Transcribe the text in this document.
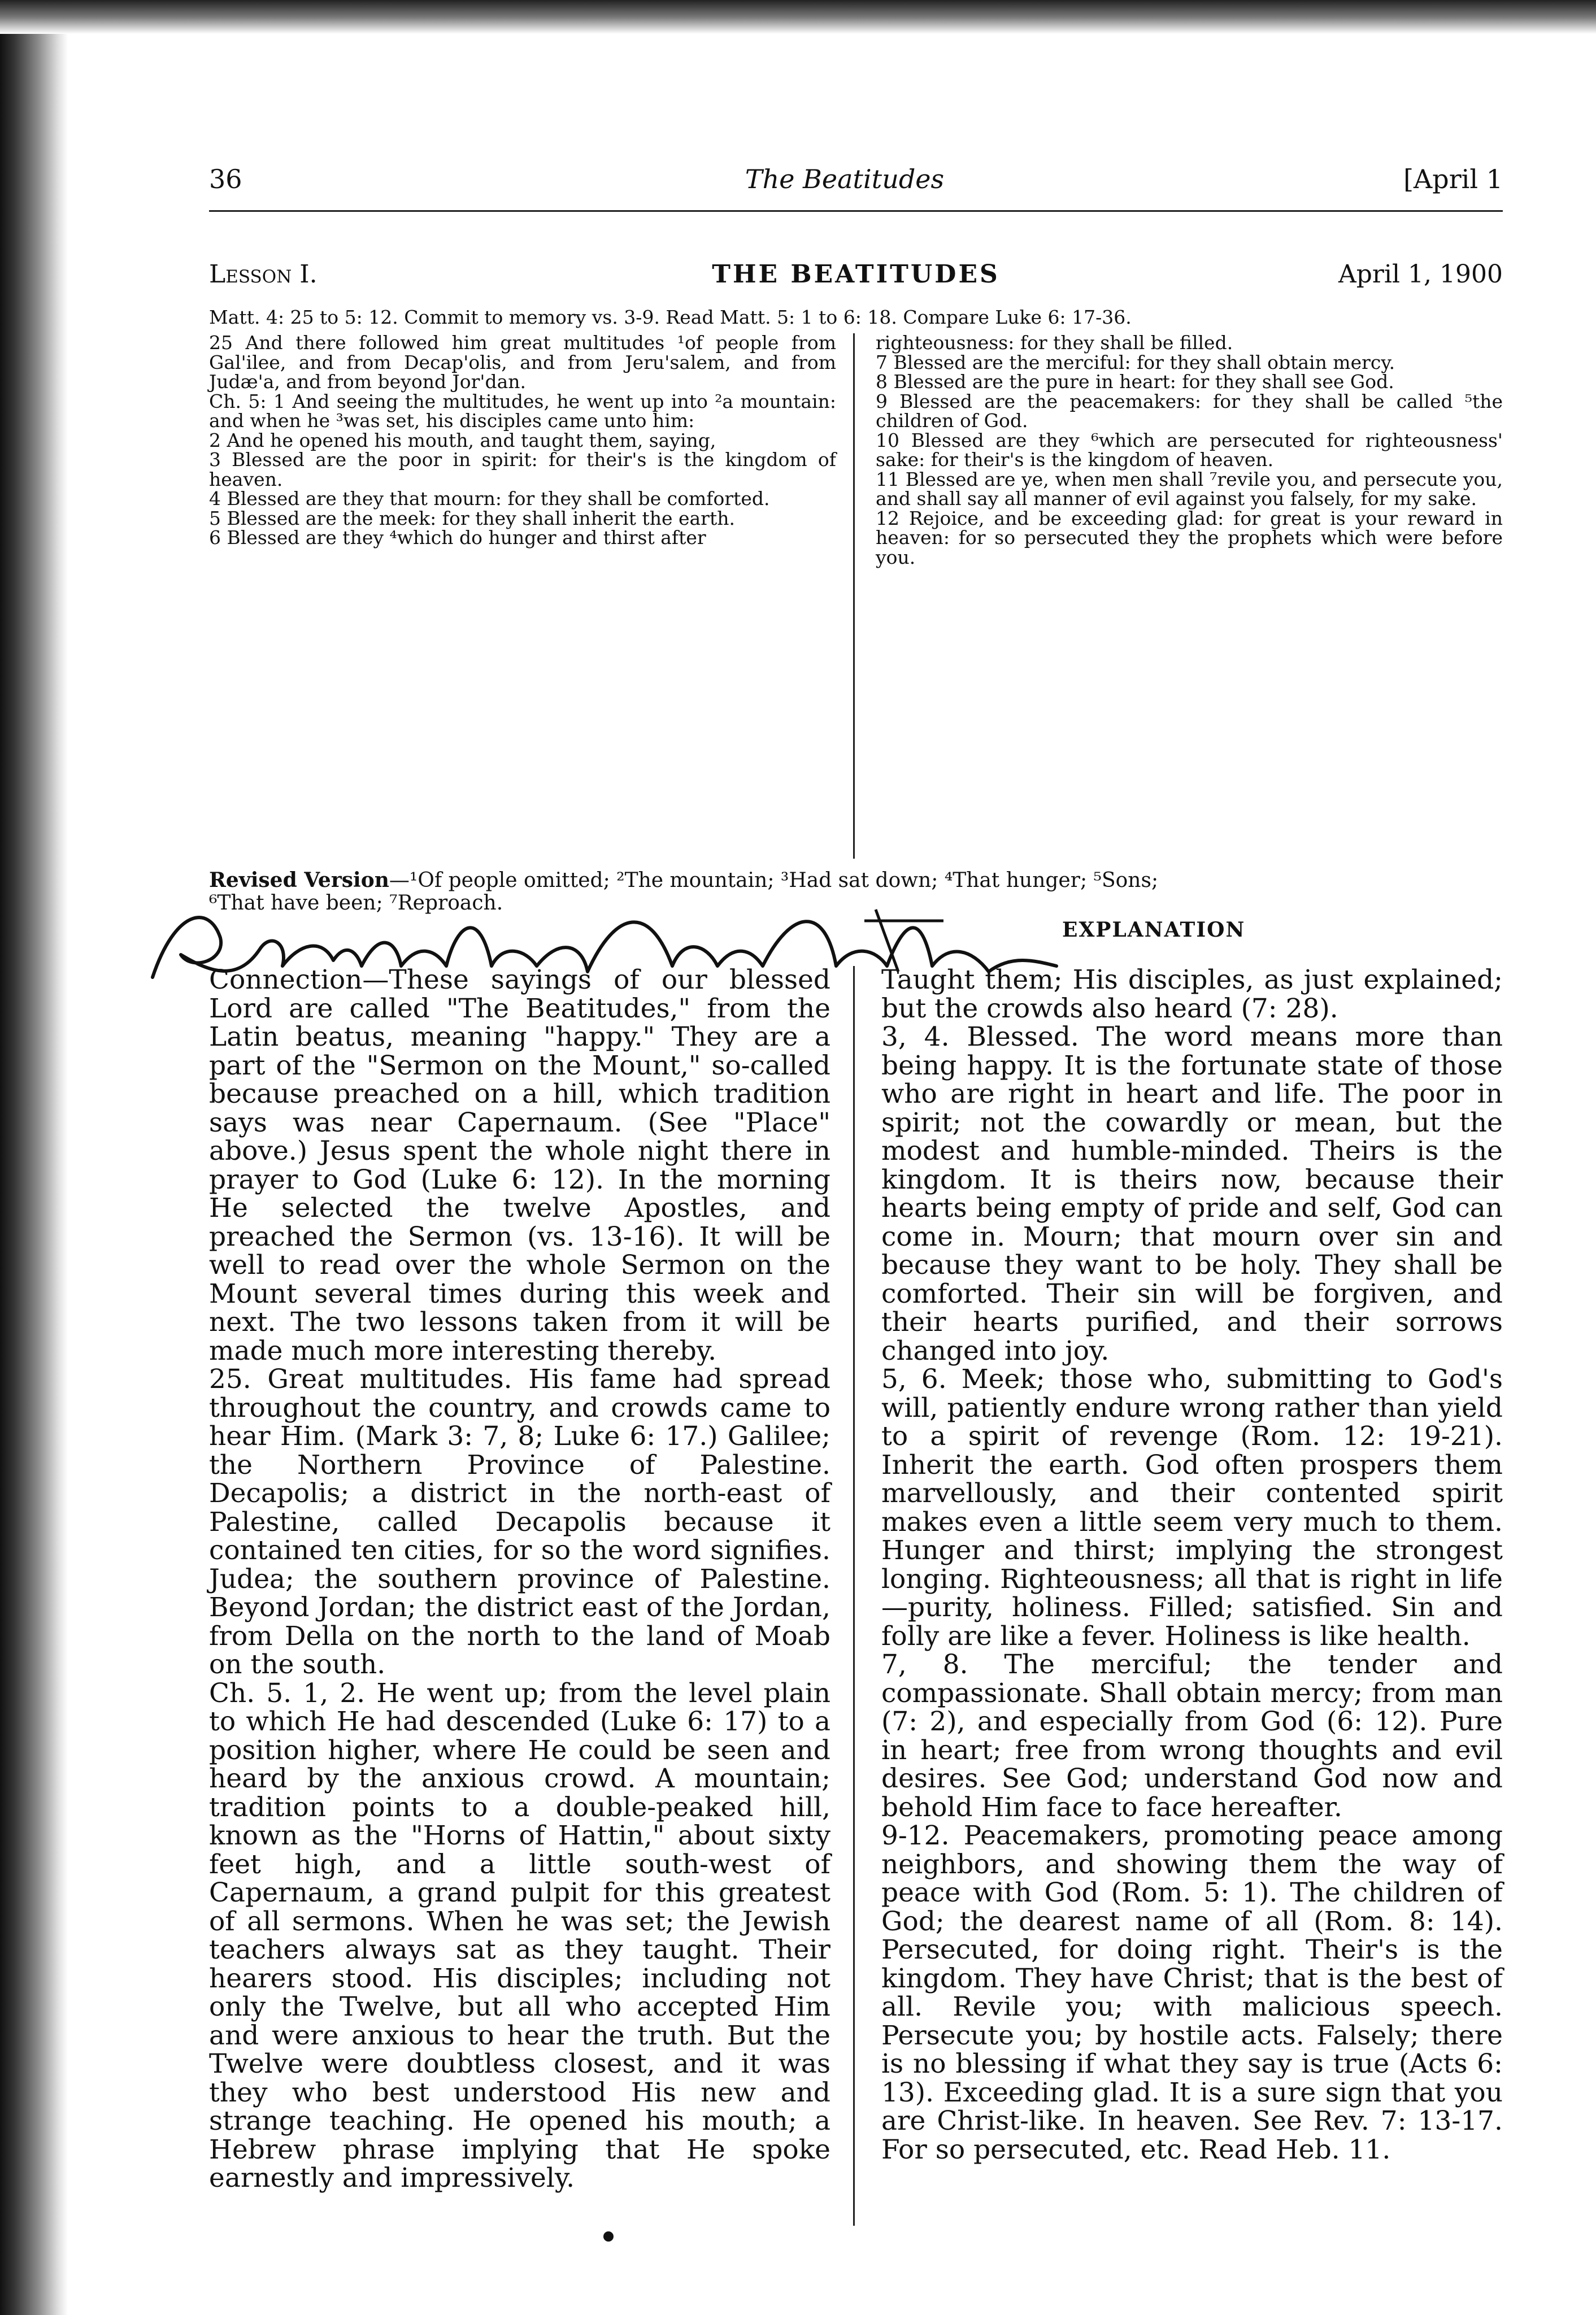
36	The Beatitudes	[April 1
Lesson I.	THE BEATITUDES	April 1, 1900
Matt. 4: 25 to 5: 12. Commit to memory vs. 3-9. Read Matt. 5: 1 to 6: 18. Compare Luke 6: 17-36.

25 And there followed him great multitudes ¹of people from Gal'ilee, and from Decap'olis, and from Jeru'salem, and from Judæ'a, and from beyond Jor'dan.

Ch. 5: 1 And seeing the multitudes, he went up into ²a mountain: and when he ³was set, his disciples came unto him:

2 And he opened his mouth, and taught them, saying,

3 Blessed are the poor in spirit: for their's is the kingdom of heaven.

4 Blessed are they that mourn: for they shall be comforted.

5 Blessed are the meek: for they shall inherit the earth.

6 Blessed are they ⁴which do hunger and thirst after

righteousness: for they shall be filled.

7 Blessed are the merciful: for they shall obtain mercy.

8 Blessed are the pure in heart: for they shall see God.

9 Blessed are the peacemakers: for they shall be called ⁵the children of God.

10 Blessed are they ⁶which are persecuted for righteousness' sake: for their's is the kingdom of heaven.

11 Blessed are ye, when men shall ⁷revile you, and persecute you, and shall say all manner of evil against you falsely, for my sake.

12 Rejoice, and be exceeding glad: for great is your reward in heaven: for so persecuted they the prophets which were before you.

Revised Version—¹Of people omitted; ²The mountain; ³Had sat down; ⁴That hunger; ⁵Sons;
⁶That have been; ⁷Reproach.
EXPLANATION

Connection—These sayings of our blessed Lord are called "The Beatitudes," from the Latin beatus, meaning "happy." They are a part of the "Sermon on the Mount," so-called because preached on a hill, which tradition says was near Capernaum. (See "Place" above.) Jesus spent the whole night there in prayer to God (Luke 6: 12). In the morning He selected the twelve Apostles, and preached the Sermon (vs. 13-16). It will be well to read over the whole Sermon on the Mount several times during this week and next. The two lessons taken from it will be made much more interesting thereby.

25. Great multitudes. His fame had spread throughout the country, and crowds came to hear Him. (Mark 3: 7, 8; Luke 6: 17.) Galilee; the Northern Province of Palestine. Decapolis; a district in the north-east of Palestine, called Decapolis because it contained ten cities, for so the word signifies. Judea; the southern province of Palestine. Beyond Jordan; the district east of the Jordan, from Della on the north to the land of Moab on the south.

Ch. 5. 1, 2. He went up; from the level plain to which He had descended (Luke 6: 17) to a position higher, where He could be seen and heard by the anxious crowd. A mountain; tradition points to a double-peaked hill, known as the "Horns of Hattin," about sixty feet high, and a little south-west of Capernaum, a grand pulpit for this greatest of all sermons. When he was set; the Jewish teachers always sat as they taught. Their hearers stood. His disciples; including not only the Twelve, but all who accepted Him and were anxious to hear the truth. But the Twelve were doubtless closest, and it was they who best understood His new and strange teaching. He opened his mouth; a Hebrew phrase implying that He spoke earnestly and impressively.

Taught them; His disciples, as just explained; but the crowds also heard (7: 28).

3, 4. Blessed. The word means more than being happy. It is the fortunate state of those who are right in heart and life. The poor in spirit; not the cowardly or mean, but the modest and humble-minded. Theirs is the kingdom. It is theirs now, because their hearts being empty of pride and self, God can come in. Mourn; that mourn over sin and because they want to be holy. They shall be comforted. Their sin will be forgiven, and their hearts purified, and their sorrows changed into joy.

5, 6. Meek; those who, submitting to God's will, patiently endure wrong rather than yield to a spirit of revenge (Rom. 12: 19-21). Inherit the earth. God often prospers them marvellously, and their contented spirit makes even a little seem very much to them. Hunger and thirst; implying the strongest longing. Righteousness; all that is right in life—purity, holiness. Filled; satisfied. Sin and folly are like a fever. Holiness is like health.

7, 8. The merciful; the tender and compassionate. Shall obtain mercy; from man (7: 2), and especially from God (6: 12). Pure in heart; free from wrong thoughts and evil desires. See God; understand God now and behold Him face to face hereafter.

9-12. Peacemakers, promoting peace among neighbors, and showing them the way of peace with God (Rom. 5: 1). The children of God; the dearest name of all (Rom. 8: 14). Persecuted, for doing right. Their's is the kingdom. They have Christ; that is the best of all. Revile you; with malicious speech. Persecute you; by hostile acts. Falsely; there is no blessing if what they say is true (Acts 6: 13). Exceeding glad. It is a sure sign that you are Christ-like. In heaven. See Rev. 7: 13-17. For so persecuted, etc. Read Heb. 11.
